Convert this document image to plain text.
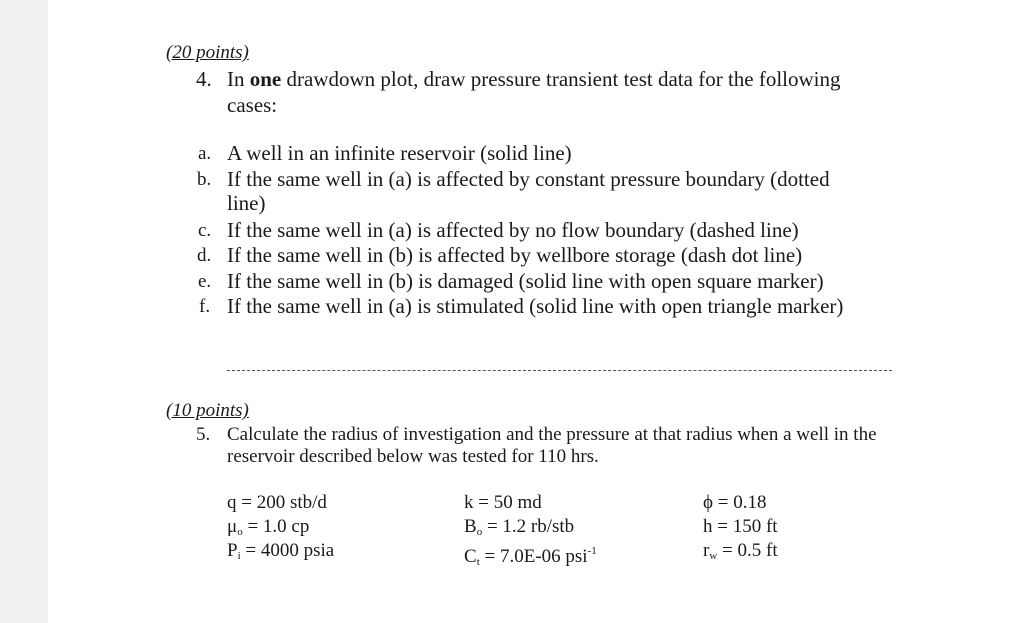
(20 points)
4. In one drawdown plot, draw pressure transient test data for the following
cases:
a. A well in an infinite reservoir (solid line)
b. If the same well in (a) is affected by constant pressure boundary (dotted
line)
c. If the same well in (a) is affected by no flow boundary (dashed line)
d. If the same well in (b) is affected by wellbore storage (dash dot line)
e. If the same well in (b) is damaged (solid line with open square marker)
f. If the same well in (a) is stimulated (solid line with open triangle marker)
(10 points)
5. Calculate the radius of investigation and the pressure at that radius when a well in the
reservoir described below was tested for 110 hrs.
q = 200 stb/d	k = 50 md	ϕ = 0.18
$\mu_o = 1.0$ cp	$B_o = 1.2$ rb/stb	h = 150 ft
$P_i = 4000$ psia	$C_t = 7.0E-06$ psi$^{-1}$	$r_w = 0.5$ ft
